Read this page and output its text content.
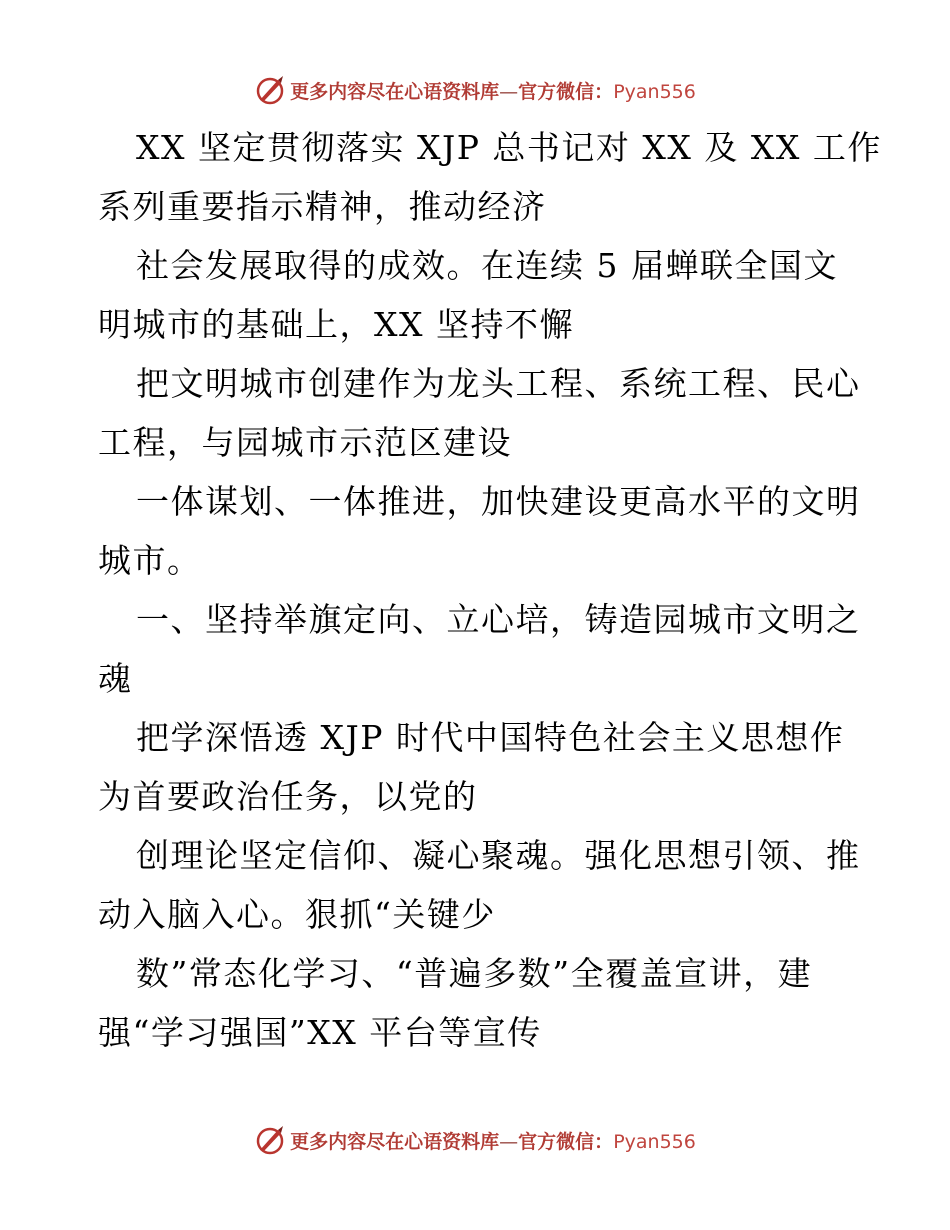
更多内容尽在心语资料库—官方微信：Pyan556
XX 坚定贯彻落实 XJP 总书记对 XX 及 XX 工作
系列重要指示精神，推动经济
社会发展取得的成效。在连续 5 届蝉联全国文
明城市的基础上，XX 坚持不懈
把文明城市创建作为龙头工程、系统工程、民心
工程，与园城市示范区建设
一体谋划、一体推进，加快建设更高水平的文明
城市。
一、坚持举旗定向、立心培，铸造园城市文明之
魂
把学深悟透 XJP 时代中国特色社会主义思想作
为首要政治任务，以党的
创理论坚定信仰、凝心聚魂。强化思想引领、推
动入脑入心。狠抓“关键少
数”常态化学习、“普遍多数”全覆盖宣讲，建
强“学习强国”XX 平台等宣传
更多内容尽在心语资料库—官方微信：Pyan556
